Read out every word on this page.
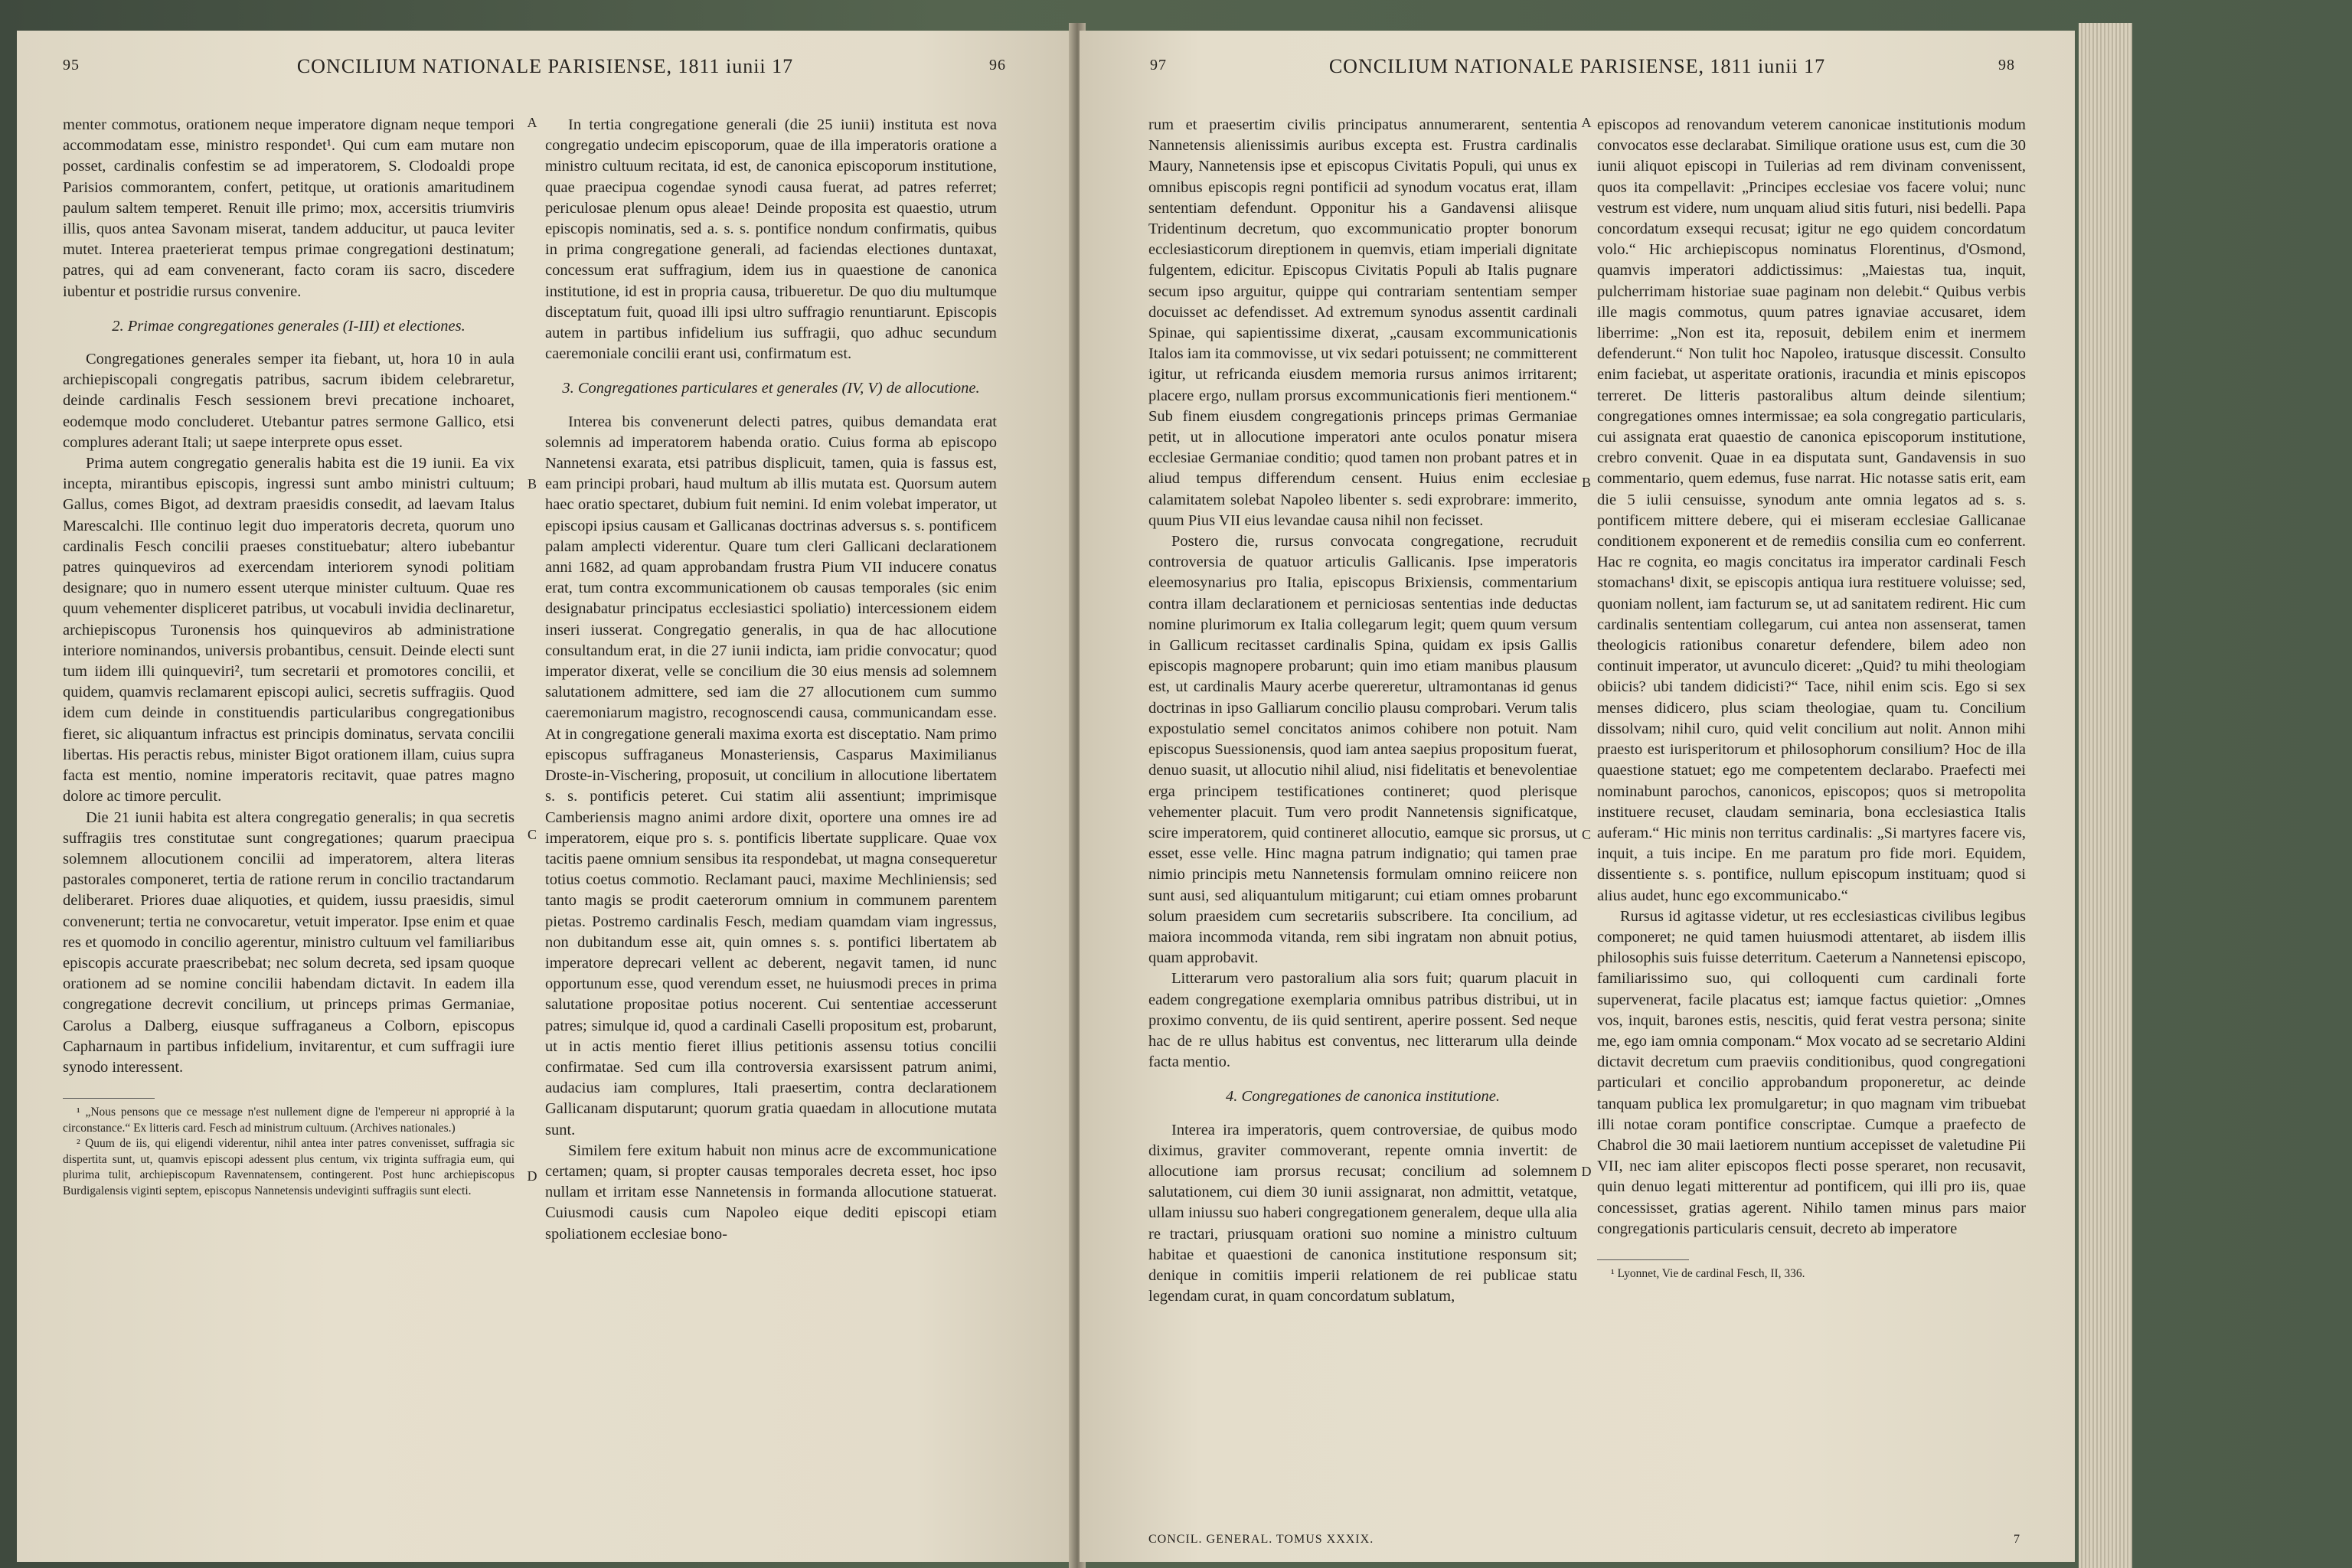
95	CONCILIUM NATIONALE PARISIENSE, 1811 iunii 17	96

menter commotus, orationem neque imperatore dignam neque tempori accommodatam esse, ministro respondet¹. Qui cum eam mutare non posset, cardinalis confestim se ad imperatorem, S. Clodoaldi prope Parisios commorantem, confert, petitque, ut orationis amaritudinem paulum saltem temperet. Renuit ille primo; mox, accersitis triumviris illis, quos antea Savonam miserat, tandem adducitur, ut pauca leviter mutet. Interea praeterierat tempus primae congregationi destinatum; patres, qui ad eam convenerant, facto coram iis sacro, discedere iubentur et postridie rursus convenire.

2. Primae congregationes generales (I-III) et electiones.

Congregationes generales semper ita fiebant, ut, hora 10 in aula archiepiscopali congregatis patribus, sacrum ibidem celebraretur, deinde cardinalis Fesch sessionem brevi precatione inchoaret, eodemque modo concluderet. Utebantur patres sermone Gallico, etsi complures aderant Itali; ut saepe interprete opus esset.

Prima autem congregatio generalis habita est die 19 iunii. Ea vix incepta, mirantibus episcopis, ingressi sunt ambo ministri cultuum; Gallus, comes Bigot, ad dextram praesidis consedit, ad laevam Italus Marescalchi. Ille continuo legit duo imperatoris decreta, quorum uno cardinalis Fesch concilii praeses constituebatur; altero iubebantur patres quinqueviros ad exercendam interiorem synodi politiam designare; quo in numero essent uterque minister cultuum. Quae res quum vehementer displiceret patribus, ut vocabuli invidia declinaretur, archiepiscopus Turonensis hos quinqueviros ab administratione interiore nominandos, universis probantibus, censuit. Deinde electi sunt tum iidem illi quinqueviri², tum secretarii et promotores concilii, et quidem, quamvis reclamarent episcopi aulici, secretis suffragiis. Quod idem cum deinde in constituendis particularibus congregationibus fieret, sic aliquantum infractus est principis dominatus, servata concilii libertas. His peractis rebus, minister Bigot orationem illam, cuius supra facta est mentio, nomine imperatoris recitavit, quae patres magno dolore ac timore perculit.

Die 21 iunii habita est altera congregatio generalis; in qua secretis suffragiis tres constitutae sunt congregationes; quarum praecipua solemnem allocutionem concilii ad imperatorem, altera literas pastorales componeret, tertia de ratione rerum in concilio tractandarum deliberaret. Priores duae aliquoties, et quidem, iussu praesidis, simul convenerunt; tertia ne convocaretur, vetuit imperator. Ipse enim et quae res et quomodo in concilio agerentur, ministro cultuum vel familiaribus episcopis accurate praescribebat; nec solum decreta, sed ipsam quoque orationem ad se nomine concilii habendam dictavit. In eadem illa congregatione decrevit concilium, ut princeps primas Germaniae, Carolus a Dalberg, eiusque suffraganeus a Colborn, episcopus Capharnaum in partibus infidelium, invitarentur, et cum suffragii iure synodo interessent.

¹ „Nous pensons que ce message n'est nullement digne de l'empereur ni approprié à la circonstance.“ Ex litteris card. Fesch ad ministrum cultuum. (Archives nationales.)

² Quum de iis, qui eligendi viderentur, nihil antea inter patres convenisset, suffragia sic dispertita sunt, ut, quamvis episcopi adessent plus centum, vix triginta suffragia eum, qui plurima tulit, archiepiscopum Ravennatensem, contingerent. Post hunc archiepiscopus Burdigalensis viginti septem, episcopus Nannetensis undeviginti suffragiis sunt electi.

A
B
C
D

In tertia congregatione generali (die 25 iunii) instituta est nova congregatio undecim episcoporum, quae de illa imperatoris oratione a ministro cultuum recitata, id est, de canonica episcoporum institutione, quae praecipua cogendae synodi causa fuerat, ad patres referret; periculosae plenum opus aleae! Deinde proposita est quaestio, utrum episcopis nominatis, sed a. s. s. pontifice nondum confirmatis, quibus in prima congregatione generali, ad faciendas electiones duntaxat, concessum erat suffragium, idem ius in quaestione de canonica institutione, id est in propria causa, tribueretur. De quo diu multumque disceptatum fuit, quoad illi ipsi ultro suffragio renuntiarunt. Episcopis autem in partibus infidelium ius suffragii, quo adhuc secundum caeremoniale concilii erant usi, confirmatum est.

3. Congregationes particulares et generales (IV, V) de allocutione.

Interea bis convenerunt delecti patres, quibus demandata erat solemnis ad imperatorem habenda oratio. Cuius forma ab episcopo Nannetensi exarata, etsi patribus displicuit, tamen, quia is fassus est, eam principi probari, haud multum ab illis mutata est. Quorsum autem haec oratio spectaret, dubium fuit nemini. Id enim volebat imperator, ut episcopi ipsius causam et Gallicanas doctrinas adversus s. s. pontificem palam amplecti viderentur. Quare tum cleri Gallicani declarationem anni 1682, ad quam approbandam frustra Pium VII inducere conatus erat, tum contra excommunicationem ob causas temporales (sic enim designabatur principatus ecclesiastici spoliatio) intercessionem eidem inseri iusserat. Congregatio generalis, in qua de hac allocutione consultandum erat, in die 27 iunii indicta, iam pridie convocatur; quod imperator dixerat, velle se concilium die 30 eius mensis ad solemnem salutationem admittere, sed iam die 27 allocutionem cum summo caeremoniarum magistro, recognoscendi causa, communicandam esse. At in congregatione generali maxima exorta est disceptatio. Nam primo episcopus suffraganeus Monasteriensis, Casparus Maximilianus Droste-in-Vischering, proposuit, ut concilium in allocutione libertatem s. s. pontificis peteret. Cui statim alii assentiunt; imprimisque Camberiensis magno animi ardore dixit, oportere una omnes ire ad imperatorem, eique pro s. s. pontificis libertate supplicare. Quae vox tacitis paene omnium sensibus ita respondebat, ut magna consequeretur totius coetus commotio. Reclamant pauci, maxime Mechliniensis; sed tanto magis se prodit caeterorum omnium in communem parentem pietas. Postremo cardinalis Fesch, mediam quamdam viam ingressus, non dubitandum esse ait, quin omnes s. s. pontifici libertatem ab imperatore deprecari vellent ac deberent, negavit tamen, id nunc opportunum esse, quod verendum esset, ne huiusmodi preces in prima salutatione propositae potius nocerent. Cui sententiae accesserunt patres; simulque id, quod a cardinali Caselli propositum est, probarunt, ut in actis mentio fieret illius petitionis assensu totius concilii confirmatae. Sed cum illa controversia exarsissent patrum animi, audacius iam complures, Itali praesertim, contra declarationem Gallicanam disputarunt; quorum gratia quaedam in allocutione mutata sunt.

Similem fere exitum habuit non minus acre de excommunicatione certamen; quam, si propter causas temporales decreta esset, hoc ipso nullam et irritam esse Nannetensis in formanda allocutione statuerat. Cuiusmodi causis cum Napoleo eique dediti episcopi etiam spoliationem ecclesiae bono-

97	CONCILIUM NATIONALE PARISIENSE, 1811 iunii 17	98

rum et praesertim civilis principatus annumerarent, sententia Nannetensis alienissimis auribus excepta est. Frustra cardinalis Maury, Nannetensis ipse et episcopus Civitatis Populi, qui unus ex omnibus episcopis regni pontificii ad synodum vocatus erat, illam sententiam defendunt. Opponitur his a Gandavensi aliisque Tridentinum decretum, quo excommunicatio propter bonorum ecclesiasticorum direptionem in quemvis, etiam imperiali dignitate fulgentem, edicitur. Episcopus Civitatis Populi ab Italis pugnare secum ipso arguitur, quippe qui contrariam sententiam semper docuisset ac defendisset. Ad extremum synodus assentit cardinali Spinae, qui sapientissime dixerat, „causam excommunicationis Italos iam ita commovisse, ut vix sedari potuissent; ne committerent igitur, ut refricanda eiusdem memoria rursus animos irritarent; placere ergo, nullam prorsus excommunicationis fieri mentionem.“ Sub finem eiusdem congregationis princeps primas Germaniae petit, ut in allocutione imperatori ante oculos ponatur misera ecclesiae Germaniae conditio; quod tamen non probant patres et in aliud tempus differendum censent. Huius enim ecclesiae calamitatem solebat Napoleo libenter s. sedi exprobrare: immerito, quum Pius VII eius levandae causa nihil non fecisset.

Postero die, rursus convocata congregatione, recruduit controversia de quatuor articulis Gallicanis. Ipse imperatoris eleemosynarius pro Italia, episcopus Brixiensis, commentarium contra illam declarationem et perniciosas sententias inde deductas nomine plurimorum ex Italia collegarum legit; quem quum versum in Gallicum recitasset cardinalis Spina, quidam ex ipsis Gallis episcopis magnopere probarunt; quin imo etiam manibus plausum est, ut cardinalis Maury acerbe quereretur, ultramontanas id genus doctrinas in ipso Galliarum concilio plausu comprobari. Verum talis expostulatio semel concitatos animos cohibere non potuit. Nam episcopus Suessionensis, quod iam antea saepius propositum fuerat, denuo suasit, ut allocutio nihil aliud, nisi fidelitatis et benevolentiae erga principem testificationes contineret; quod plerisque vehementer placuit. Tum vero prodit Nannetensis significatque, scire imperatorem, quid contineret allocutio, eamque sic prorsus, ut esset, esse velle. Hinc magna patrum indignatio; qui tamen prae nimio principis metu Nannetensis formulam omnino reiicere non sunt ausi, sed aliquantulum mitigarunt; cui etiam omnes probarunt solum praesidem cum secretariis subscribere. Ita concilium, ad maiora incommoda vitanda, rem sibi ingratam non abnuit potius, quam approbavit.

Litterarum vero pastoralium alia sors fuit; quarum placuit in eadem congregatione exemplaria omnibus patribus distribui, ut in proximo conventu, de iis quid sentirent, aperire possent. Sed neque hac de re ullus habitus est conventus, nec litterarum ulla deinde facta mentio.

4. Congregationes de canonica institutione.

Interea ira imperatoris, quem controversiae, de quibus modo diximus, graviter commoverant, repente omnia invertit: de allocutione iam prorsus recusat; concilium ad solemnem salutationem, cui diem 30 iunii assignarat, non admittit, vetatque, ullam iniussu suo haberi congregationem generalem, deque ulla alia re tractari, priusquam orationi suo nomine a ministro cultuum habitae et quaestioni de canonica institutione responsum sit; denique in comitiis imperii relationem de rei publicae statu legendam curat, in quam concordatum sublatum,

A
B
C
D

episcopos ad renovandum veterem canonicae institutionis modum convocatos esse declarabat. Similique oratione usus est, cum die 30 iunii aliquot episcopi in Tuilerias ad rem divinam convenissent, quos ita compellavit: „Principes ecclesiae vos facere volui; nunc vestrum est videre, num unquam aliud sitis futuri, nisi bedelli. Papa concordatum exsequi recusat; igitur ne ego quidem concordatum volo.“ Hic archiepiscopus nominatus Florentinus, d'Osmond, quamvis imperatori addictissimus: „Maiestas tua, inquit, pulcherrimam historiae suae paginam non delebit.“ Quibus verbis ille magis commotus, quum patres ignaviae accusaret, idem liberrime: „Non est ita, reposuit, debilem enim et inermem defenderunt.“ Non tulit hoc Napoleo, iratusque discessit. Consulto enim faciebat, ut asperitate orationis, iracundia et minis episcopos terreret. De litteris pastoralibus altum deinde silentium; congregationes omnes intermissae; ea sola congregatio particularis, cui assignata erat quaestio de canonica episcoporum institutione, crebro convenit. Quae in ea disputata sunt, Gandavensis in suo commentario, quem edemus, fuse narrat. Hic notasse satis erit, eam die 5 iulii censuisse, synodum ante omnia legatos ad s. s. pontificem mittere debere, qui ei miseram ecclesiae Gallicanae conditionem exponerent et de remediis consilia cum eo conferrent. Hac re cognita, eo magis concitatus ira imperator cardinali Fesch stomachans¹ dixit, se episcopis antiqua iura restituere voluisse; sed, quoniam nollent, iam facturum se, ut ad sanitatem redirent. Hic cum cardinalis sententiam collegarum, cui antea non assenserat, tamen theologicis rationibus conaretur defendere, bilem adeo non continuit imperator, ut avunculo diceret: „Quid? tu mihi theologiam obiicis? ubi tandem didicisti?“ Tace, nihil enim scis. Ego si sex menses didicero, plus sciam theologiae, quam tu. Concilium dissolvam; nihil curo, quid velit concilium aut nolit. Annon mihi praesto est iurisperitorum et philosophorum consilium? Hoc de illa quaestione statuet; ego me competentem declarabo. Praefecti mei nominabunt parochos, canonicos, episcopos; quos si metropolita instituere recuset, claudam seminaria, bona ecclesiastica Italis auferam.“ Hic minis non territus cardinalis: „Si martyres facere vis, inquit, a tuis incipe. En me paratum pro fide mori. Equidem, dissentiente s. s. pontifice, nullum episcopum instituam; quod si alius audet, hunc ego excommunicabo.“

Rursus id agitasse videtur, ut res ecclesiasticas civilibus legibus componeret; ne quid tamen huiusmodi attentaret, ab iisdem illis philosophis suis fuisse deterritum. Caeterum a Nannetensi episcopo, familiarissimo suo, qui colloquenti cum cardinali forte supervenerat, facile placatus est; iamque factus quietior: „Omnes vos, inquit, barones estis, nescitis, quid ferat vestra persona; sinite me, ego iam omnia componam.“ Mox vocato ad se secretario Aldini dictavit decretum cum praeviis conditionibus, quod congregationi particulari et concilio approbandum proponeretur, ac deinde tanquam publica lex promulgaretur; in quo magnam vim tribuebat illi notae coram pontifice conscriptae. Cumque a praefecto de Chabrol die 30 maii laetiorem nuntium accepisset de valetudine Pii VII, nec iam aliter episcopos flecti posse speraret, non recusavit, quin denuo legati mitterentur ad pontificem, qui illi pro iis, quae concessisset, gratias agerent. Nihilo tamen minus pars maior congregationis particularis censuit, decreto ab imperatore

¹ Lyonnet, Vie de cardinal Fesch, II, 336.

CONCIL. GENERAL. TOMUS XXXIX.	7
